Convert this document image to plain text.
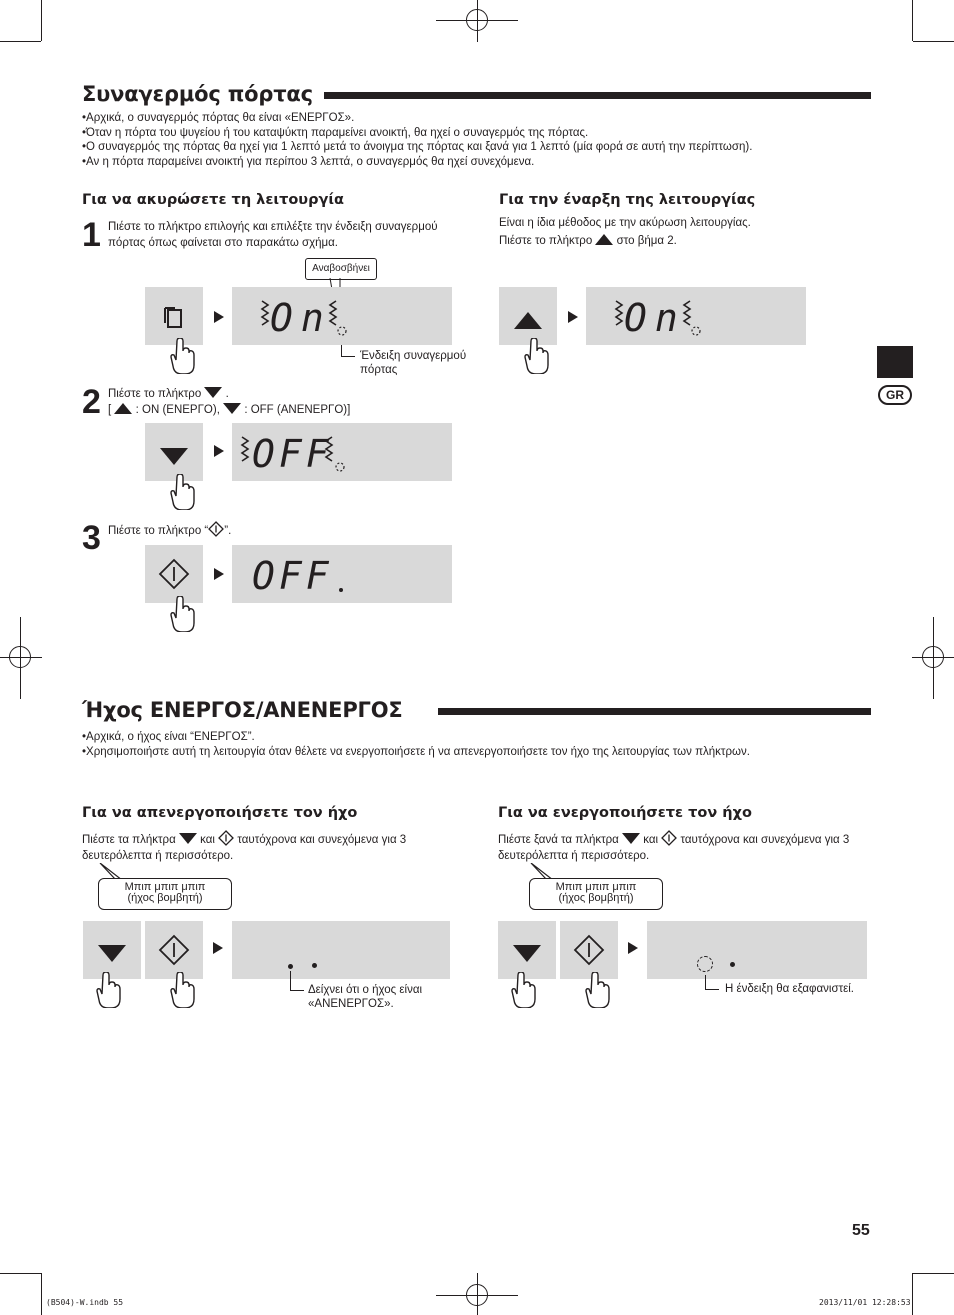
Συναγερμός πόρτας
• Αρχικά, ο συναγερμός πόρτας θα είναι «ΕΝΕΡΓΟΣ».
• Όταν η πόρτα του ψυγείου ή του καταψύκτη παραμείνει ανοικτή, θα ηχεί ο συναγερμός της πόρτας.
• Ο συναγερμός της πόρτας θα ηχεί για 1 λεπτό μετά το άνοιγμα της πόρτας και ξανά για 1 λεπτό (μία φορά σε αυτή την περίπτωση).
• Αν η πόρτα παραμείνει ανοικτή για περίπου 3 λεπτά, ο συναγερμός θα ηχεί συνεχόμενα.
Για να ακυρώσετε τη λειτουργία
1 Πιέστε το πλήκτρο επιλογής και επιλέξτε την ένδειξη συναγερμού πόρτας όπως φαίνεται στο παρακάτω σχήμα.
Αναβοσβήνει
On
Ένδειξη συναγερμού πόρτας
2 Πιέστε το πλήκτρο .
[ : ON (ΕΝΕΡΓΟ), : OFF (ΑΝΕΝΕΡΓΟ)]
OFF
3 Πιέστε το πλήκτρο “ ”.
OFF
Για την έναρξη της λειτουργίας
Είναι η ίδια μέθοδος με την ακύρωση λειτουργίας.
Πιέστε το πλήκτρο στο βήμα 2.
On
GR
Ήχος ΕΝΕΡΓΟΣ/ΑΝΕΝΕΡΓΟΣ
• Αρχικά, ο ήχος είναι “ΕΝΕΡΓΟΣ”.
• Χρησιμοποιήστε αυτή τη λειτουργία όταν θέλετε να ενεργοποιήσετε ή να απενεργοποιήσετε τον ήχο της λειτουργίας των πλήκτρων.
Για να απενεργοποιήσετε τον ήχο
Πιέστε τα πλήκτρα και ταυτόχρονα και συνεχόμενα για 3 δευτερόλεπτα ή περισσότερο.
Μπιπ μπιπ μπιπ
(ήχος βομβητή)
Δείχνει ότι ο ήχος είναι
«ΑΝΕΝΕΡΓΟΣ».
Για να ενεργοποιήσετε τον ήχο
Πιέστε ξανά τα πλήκτρα και ταυτόχρονα και συνεχόμενα για 3 δευτερόλεπτα ή περισσότερο.
Μπιπ μπιπ μπιπ
(ήχος βομβητή)
Η ένδειξη θα εξαφανιστεί.
55
(B504)-W.indb 55	2013/11/01 12:28:53
